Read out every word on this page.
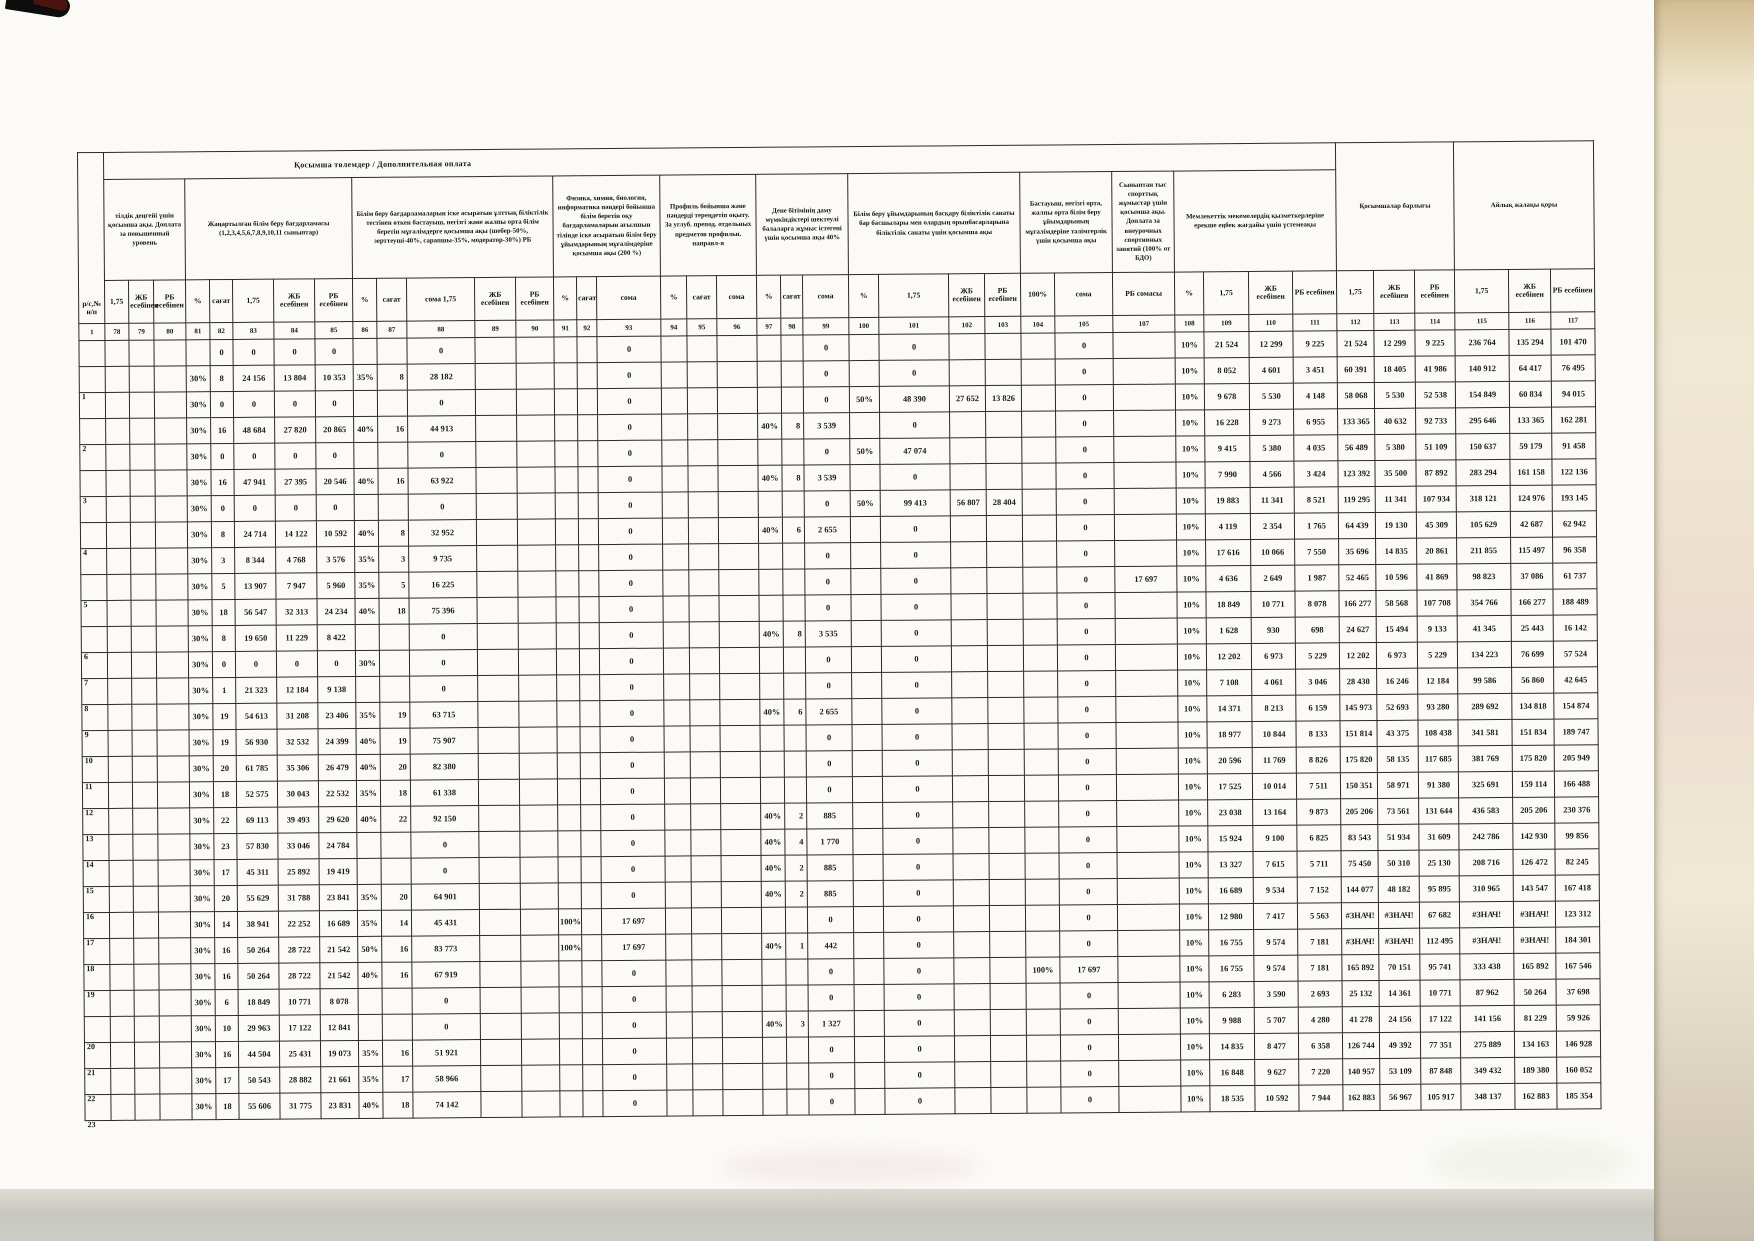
р/с,№ н/п	Қосымша төлемдер / Дополнительная оплата																																	Қосымшалар барлығы			Айлық жалақы қоры		
	тілдік деңгейі үшін қосымша ақы. Доплата за повышенный уровень			Жаңартылған білім беру бағдарламасы (1,2,3,4,5,6,7,8,9,10,11 сыныптар)					Білім беру бағдарламаларын іске асыратын ұлттық біліктілік тестінен өткен бастауыш, негізгі және жалпы орта білім беретін мұғалімдерге қосымша ақы (шебер-50%, зерттеуші-40%, сарапшы-35%, модератор-30%) РБ					Физика, химия, биология, информатика пәндері бойынша білім беретін оқу бағдарламаларын ағылшын тілінде іске асыратын білім беру ұйымдарының мұғалімдеріне қосымша ақы (200 %)			Профиль бойынша және пәндерді тереңдетіп оқыту. За углуб. препод. отдельных предметов профильн. направл-я			Дене бітімінің даму мүмкіндіктері шектеулі балаларға жұмыс істегені үшін қосымша ақы 40%			Білім беру ұйымдарының басқару біліктілік санаты бар басшылары мен олардың орынбасарларына біліктілік санаты үшін қосымша ақы				Бастауыш, негізгі орта, жалпы орта білім беру ұйымдарының мұғалімдеріне тәлімгерлік үшін қосымша ақы		Сыныптан тыс спорттық жұмыстар үшін қосымша ақы. Доплата за внеурочных спортивных занятий (100% от БДО)	Мемлекеттік мекемелердің қызметкерлеріне ерекше еңбек жағдайы үшін үстемеақы									
	1,75	ЖБ есебінен	РБ есебінен	%	сағат	1,75	ЖБ есебінен	РБ есебінен	%	сағат	сома 1,75	ЖБ есебінен	РБ есебінен	%	сағат	сома	%	сағат	сома	%	сағат	сома	%	1,75	ЖБ есебінен	РБ есебінен	100%	сома	РБ сомасы	%	1,75	ЖБ есебінен	РБ есебінен	1,75	ЖБ есебінен	РБ есебінен	1,75	ЖБ есебінен	РБ есебінен
1	78	79	80	81	82	83	84	85	86	87	88	89	90	91	92	93	94	95	96	97	98	99	100	101	102	103	104	105	107	108	109	110	111	112	113	114	115	116	117

					0	0	0	0			0					0						0		0				0		10%	21 524	12 299	9 225	21 524	12 299	9 225	236 764	135 294	101 470

1				30%	8	24 156	13 804	10 353	35%	8	28 182					0						0		0				0		10%	8 052	4 601	3 451	60 391	18 405	41 986	140 912	64 417	76 495

				30%	0	0	0	0			0					0						0	50%	48 390	27 652	13 826		0		10%	9 678	5 530	4 148	58 068	5 530	52 538	154 849	60 834	94 015

2				30%	16	48 684	27 820	20 865	40%	16	44 913					0				40%	8	3 539		0				0		10%	16 228	9 273	6 955	133 365	40 632	92 733	295 646	133 365	162 281

				30%	0	0	0	0			0					0						0	50%	47 074				0		10%	9 415	5 380	4 035	56 489	5 380	51 109	150 637	59 179	91 458

3				30%	16	47 941	27 395	20 546	40%	16	63 922					0				40%	8	3 539		0				0		10%	7 990	4 566	3 424	123 392	35 500	87 892	283 294	161 158	122 136

				30%	0	0	0	0			0					0						0	50%	99 413	56 807	28 404		0		10%	19 883	11 341	8 521	119 295	11 341	107 934	318 121	124 976	193 145

4				30%	8	24 714	14 122	10 592	40%	8	32 952					0				40%	6	2 655		0				0		10%	4 119	2 354	1 765	64 439	19 130	45 309	105 629	42 687	62 942

				30%	3	8 344	4 768	3 576	35%	3	9 735					0						0		0				0		10%	17 616	10 066	7 550	35 696	14 835	20 861	211 855	115 497	96 358

5				30%	5	13 907	7 947	5 960	35%	5	16 225					0						0		0				0	17 697	10%	4 636	2 649	1 987	52 465	10 596	41 869	98 823	37 086	61 737

				30%	18	56 547	32 313	24 234	40%	18	75 396					0						0		0				0		10%	18 849	10 771	8 078	166 277	58 568	107 708	354 766	166 277	188 489

6				30%	8	19 650	11 229	8 422			0					0				40%	8	3 535		0				0		10%	1 628	930	698	24 627	15 494	9 133	41 345	25 443	16 142

7				30%	0	0	0	0	30%		0					0						0		0				0		10%	12 202	6 973	5 229	12 202	6 973	5 229	134 223	76 699	57 524

8				30%	1	21 323	12 184	9 138			0					0						0		0				0		10%	7 108	4 061	3 046	28 430	16 246	12 184	99 586	56 860	42 645

9				30%	19	54 613	31 208	23 406	35%	19	63 715					0				40%	6	2 655		0				0		10%	14 371	8 213	6 159	145 973	52 693	93 280	289 692	134 818	154 874

10				30%	19	56 930	32 532	24 399	40%	19	75 907					0						0		0				0		10%	18 977	10 844	8 133	151 814	43 375	108 438	341 581	151 834	189 747

11				30%	20	61 785	35 306	26 479	40%	20	82 380					0						0		0				0		10%	20 596	11 769	8 826	175 820	58 135	117 685	381 769	175 820	205 949

12				30%	18	52 575	30 043	22 532	35%	18	61 338					0						0		0				0		10%	17 525	10 014	7 511	150 351	58 971	91 380	325 691	159 114	166 488

13				30%	22	69 113	39 493	29 620	40%	22	92 150					0				40%	2	885		0				0		10%	23 038	13 164	9 873	205 206	73 561	131 644	436 583	205 206	230 376

14				30%	23	57 830	33 046	24 784			0					0				40%	4	1 770		0				0		10%	15 924	9 100	6 825	83 543	51 934	31 609	242 786	142 930	99 856

15				30%	17	45 311	25 892	19 419			0					0				40%	2	885		0				0		10%	13 327	7 615	5 711	75 450	50 310	25 130	208 716	126 472	82 245

16				30%	20	55 629	31 788	23 841	35%	20	64 901					0				40%	2	885		0				0		10%	16 689	9 534	7 152	144 077	48 182	95 895	310 965	143 547	167 418

17				30%	14	38 941	22 252	16 689	35%	14	45 431			100%		17 697						0		0				0		10%	12 980	7 417	5 563	#ЗНАЧ!	#ЗНАЧ!	67 682	#ЗНАЧ!	#ЗНАЧ!	123 312

18				30%	16	50 264	28 722	21 542	50%	16	83 773			100%		17 697				40%	1	442		0				0		10%	16 755	9 574	7 181	#ЗНАЧ!	#ЗНАЧ!	112 495	#ЗНАЧ!	#ЗНАЧ!	184 301

19				30%	16	50 264	28 722	21 542	40%	16	67 919					0						0		0			100%	17 697		10%	16 755	9 574	7 181	165 892	70 151	95 741	333 438	165 892	167 546

				30%	6	18 849	10 771	8 078			0					0						0		0				0		10%	6 283	3 590	2 693	25 132	14 361	10 771	87 962	50 264	37 698

20				30%	10	29 963	17 122	12 841			0					0				40%	3	1 327		0				0		10%	9 988	5 707	4 280	41 278	24 156	17 122	141 156	81 229	59 926

21				30%	16	44 504	25 431	19 073	35%	16	51 921					0						0		0				0		10%	14 835	8 477	6 358	126 744	49 392	77 351	275 889	134 163	146 928

22				30%	17	50 543	28 882	21 661	35%	17	58 966					0						0		0				0		10%	16 848	9 627	7 220	140 957	53 109	87 848	349 432	189 380	160 052

23				30%	18	55 606	31 775	23 831	40%	18	74 142					0						0		0				0		10%	18 535	10 592	7 944	162 883	56 967	105 917	348 137	162 883	185 354
